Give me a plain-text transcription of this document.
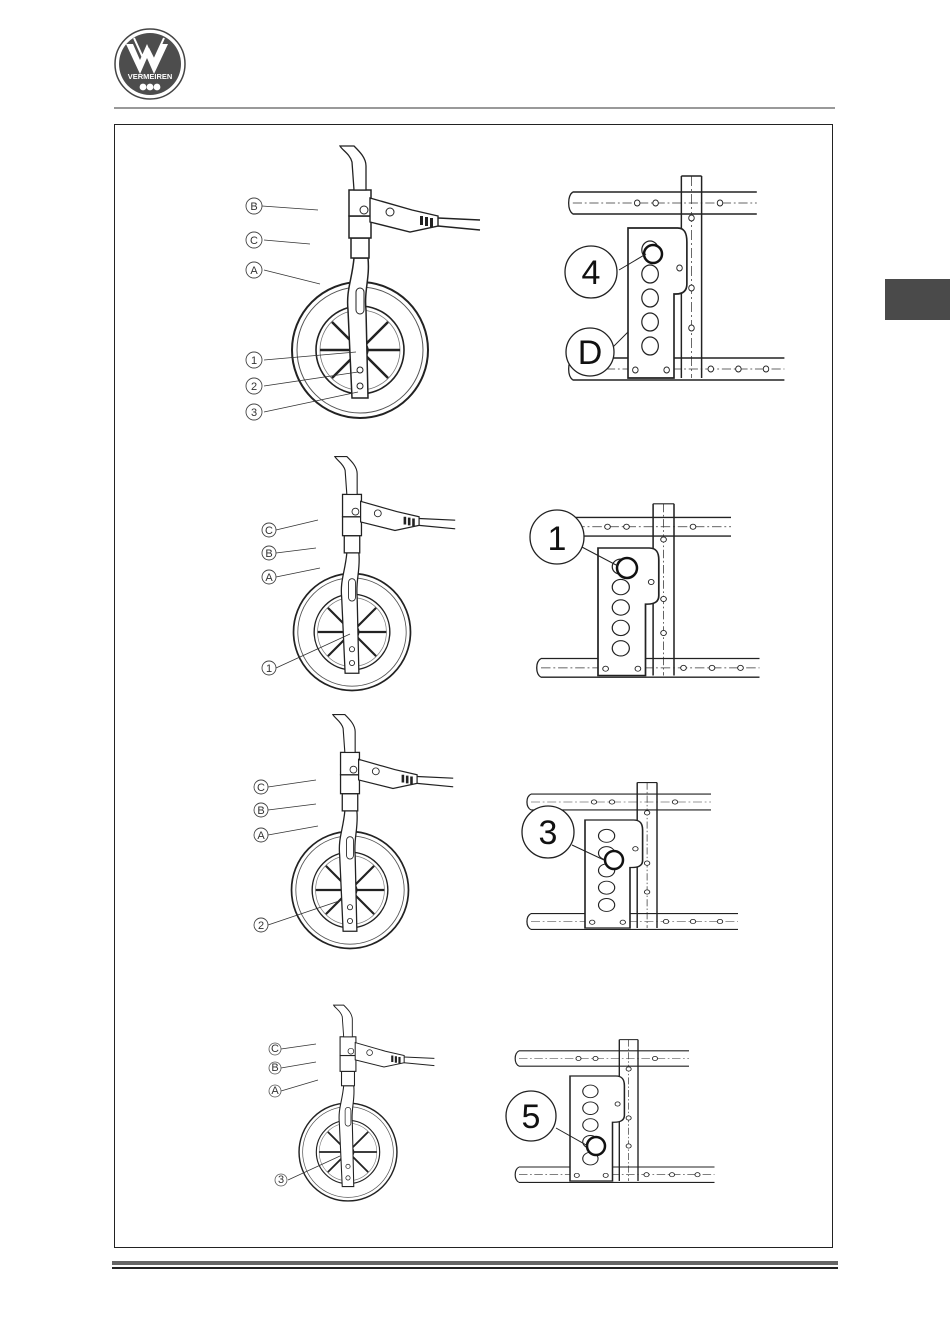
VERMEIREN
B
C
A
1
2
3
4
D
C
B
A
1
1
C
B
A
2
3
C
B
A
3
5
